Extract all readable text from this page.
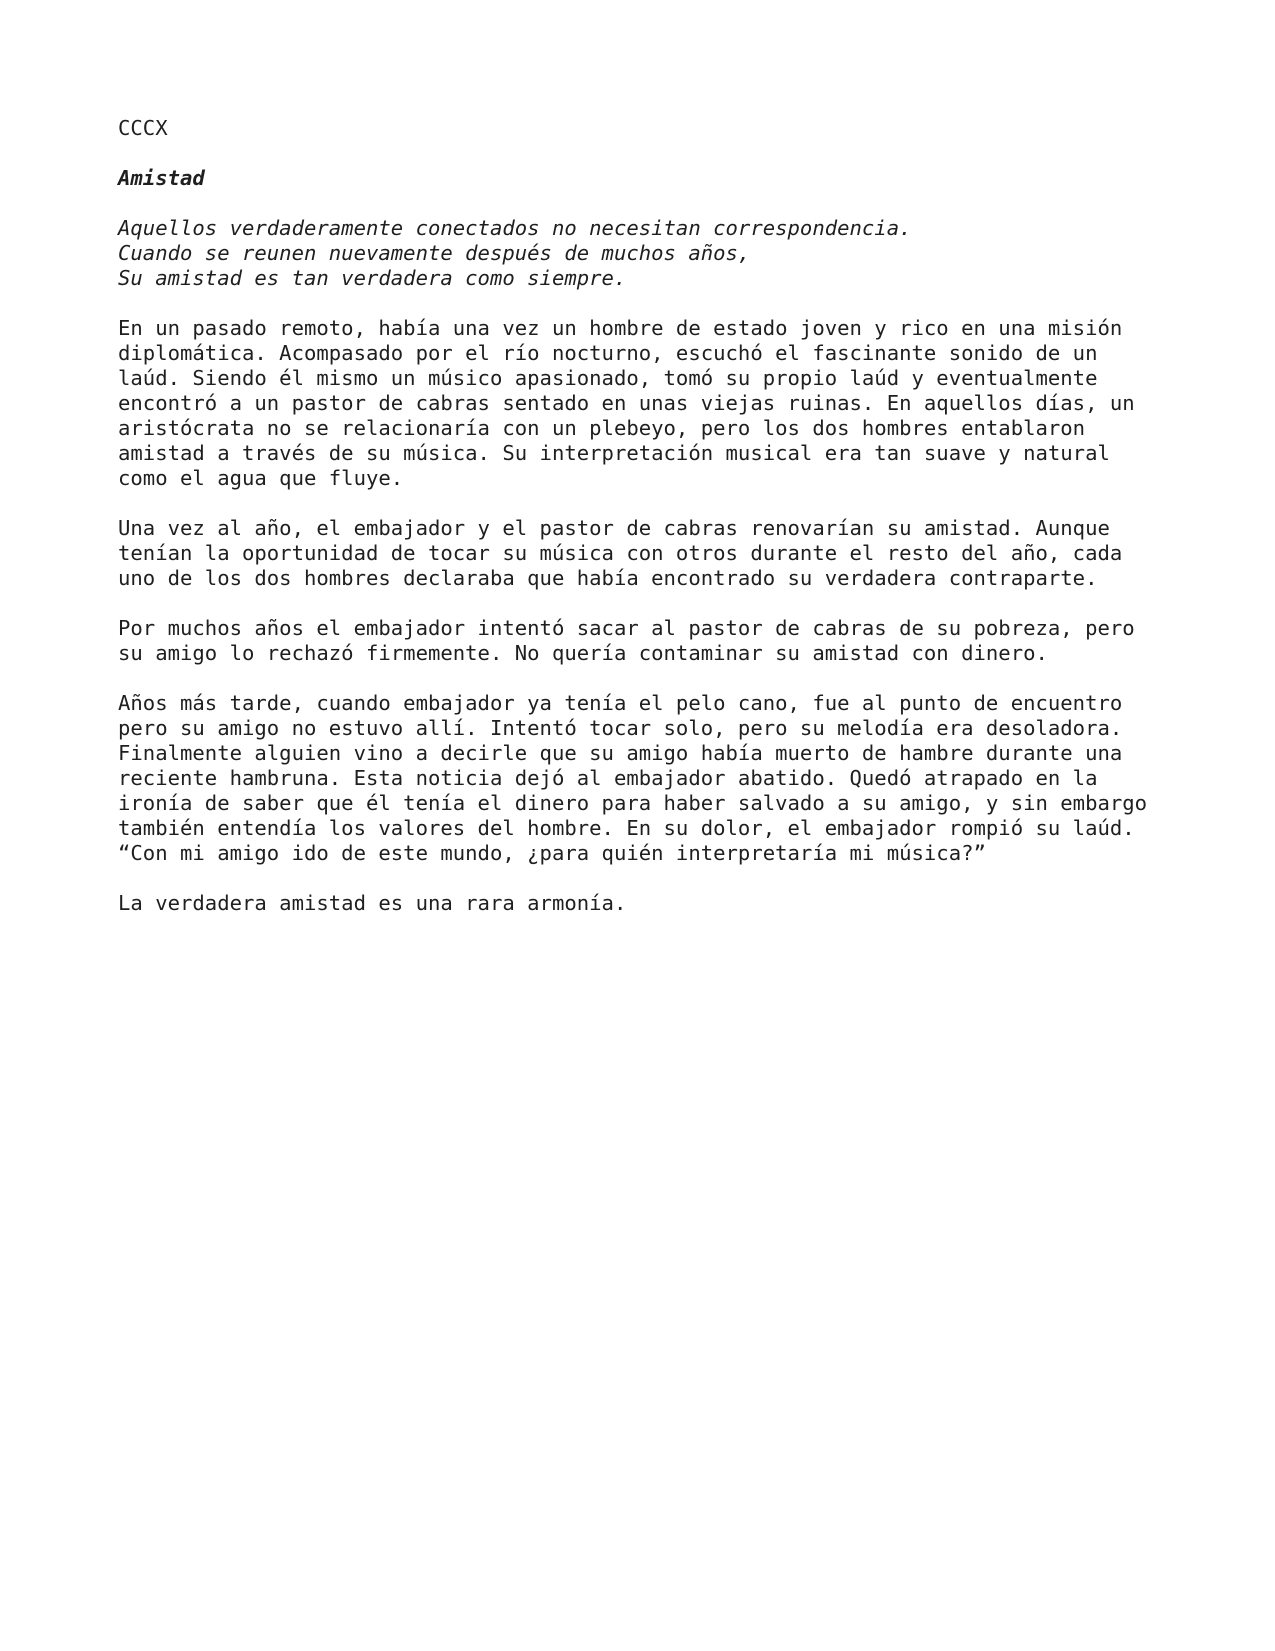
CCCX
Amistad
Aquellos verdaderamente conectados no necesitan correspondencia.
Cuando se reunen nuevamente después de muchos años,
Su amistad es tan verdadera como siempre.
En un pasado remoto, había una vez un hombre de estado joven y rico en una misión
diplomática. Acompasado por el río nocturno, escuchó el fascinante sonido de un
laúd. Siendo él mismo un músico apasionado, tomó su propio laúd y eventualmente
encontró a un pastor de cabras sentado en unas viejas ruinas. En aquellos días, un
aristócrata no se relacionaría con un plebeyo, pero los dos hombres entablaron
amistad a través de su música. Su interpretación musical era tan suave y natural
como el agua que fluye.
Una vez al año, el embajador y el pastor de cabras renovarían su amistad. Aunque
tenían la oportunidad de tocar su música con otros durante el resto del año, cada
uno de los dos hombres declaraba que había encontrado su verdadera contraparte.
Por muchos años el embajador intentó sacar al pastor de cabras de su pobreza, pero
su amigo lo rechazó firmemente. No quería contaminar su amistad con dinero.
Años más tarde, cuando embajador ya tenía el pelo cano, fue al punto de encuentro
pero su amigo no estuvo allí. Intentó tocar solo, pero su melodía era desoladora.
Finalmente alguien vino a decirle que su amigo había muerto de hambre durante una
reciente hambruna. Esta noticia dejó al embajador abatido. Quedó atrapado en la
ironía de saber que él tenía el dinero para haber salvado a su amigo, y sin embargo
también entendía los valores del hombre. En su dolor, el embajador rompió su laúd.
“Con mi amigo ido de este mundo, ¿para quién interpretaría mi música?”
La verdadera amistad es una rara armonía.
